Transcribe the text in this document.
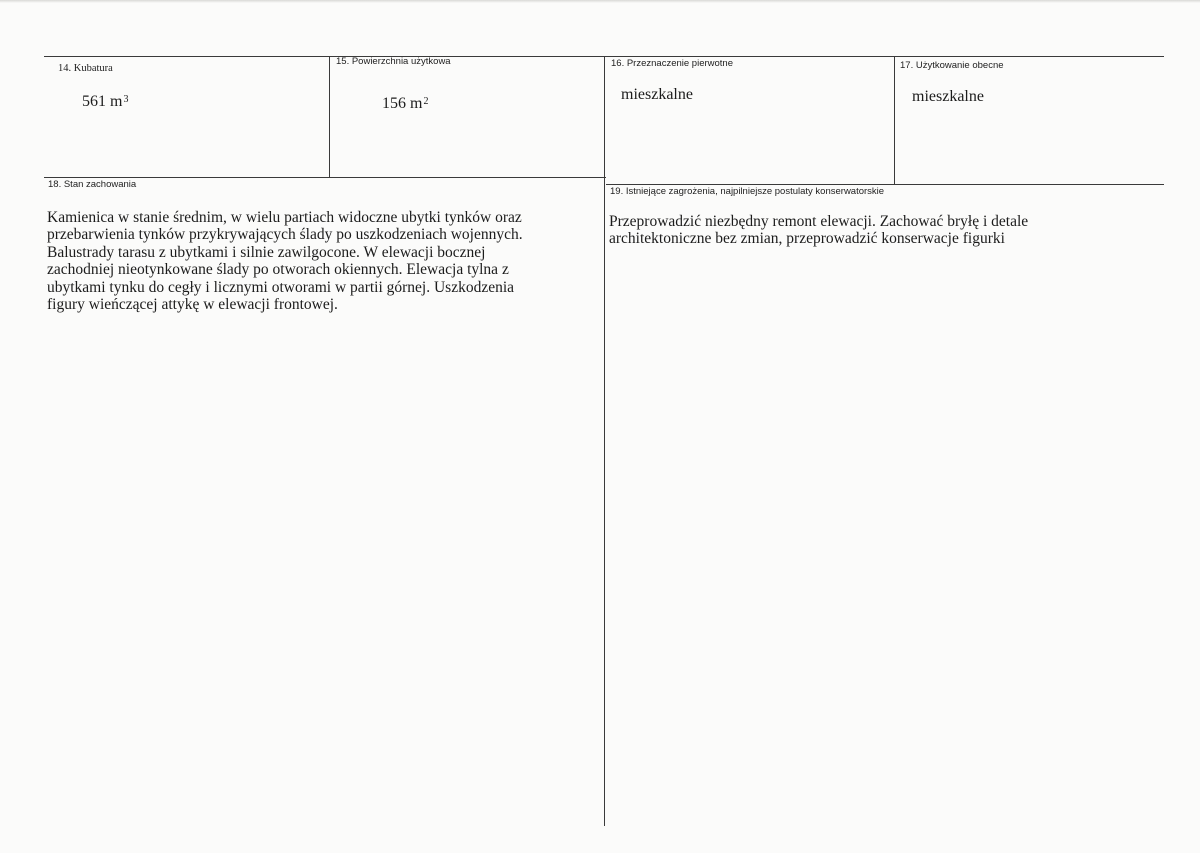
14. Kubatura
561 $m^3$
15. Powierzchnia użytkowa
156 $m^2$
16. Przeznaczenie pierwotne
mieszkalne
17. Użytkowanie obecne
mieszkalne
18. Stan zachowania
Kamienica w stanie średnim, w wielu partiach widoczne ubytki tynków oraz
przebarwienia tynków przykrywających ślady po uszkodzeniach wojennych.
Balustrady tarasu z ubytkami i silnie zawilgocone. W elewacji bocznej
zachodniej nieotynkowane ślady po otworach okiennych. Elewacja tylna z
ubytkami tynku do cegły i licznymi otworami w partii górnej. Uszkodzenia
figury wieńczącej attykę w elewacji frontowej.
19. Istniejące zagrożenia, najpilniejsze postulaty konserwatorskie
Przeprowadzić niezbędny remont elewacji. Zachować bryłę i detale
architektoniczne bez zmian, przeprowadzić konserwacje figurki
